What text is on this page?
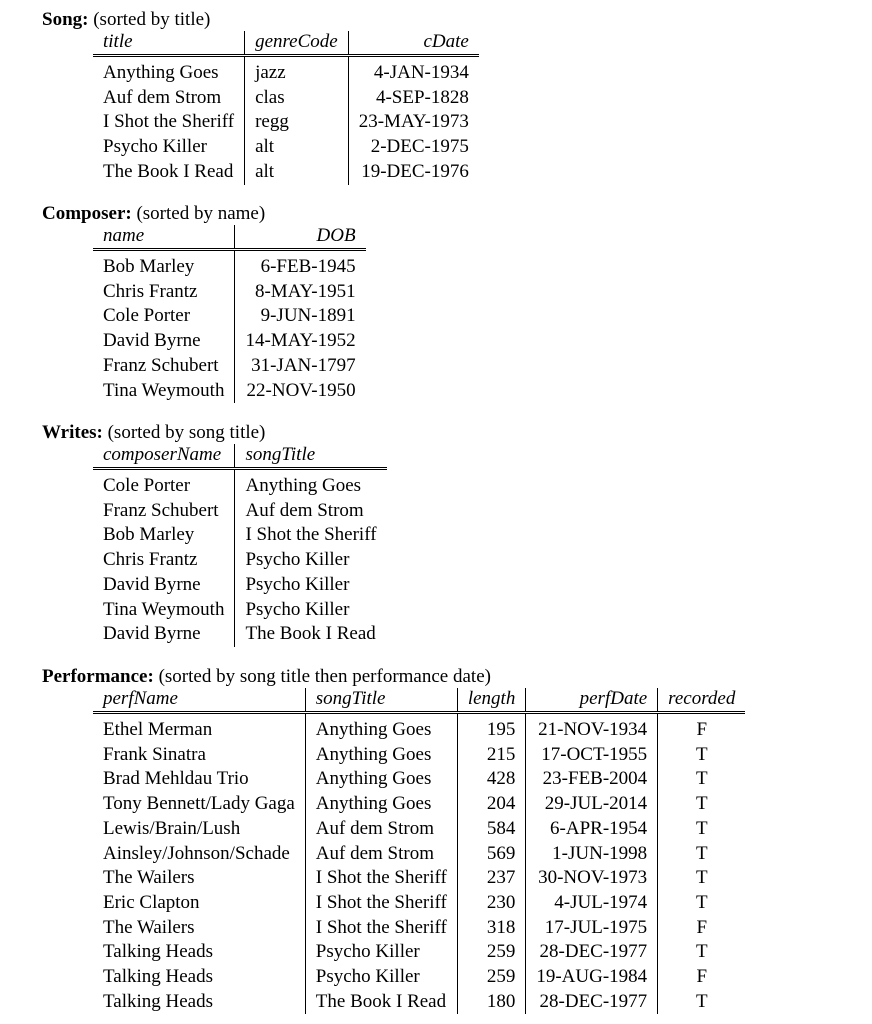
Song: (sorted by title)
title	genreCode	cDate
Anything Goes	jazz	4-JAN-1934
Auf dem Strom	clas	4-SEP-1828
I Shot the Sheriff	regg	23-MAY-1973
Psycho Killer	alt	2-DEC-1975
The Book I Read	alt	19-DEC-1976
Composer: (sorted by name)
name	DOB
Bob Marley	6-FEB-1945
Chris Frantz	8-MAY-1951
Cole Porter	9-JUN-1891
David Byrne	14-MAY-1952
Franz Schubert	31-JAN-1797
Tina Weymouth	22-NOV-1950
Writes: (sorted by song title)
composerName	songTitle
Cole Porter	Anything Goes
Franz Schubert	Auf dem Strom
Bob Marley	I Shot the Sheriff
Chris Frantz	Psycho Killer
David Byrne	Psycho Killer
Tina Weymouth	Psycho Killer
David Byrne	The Book I Read
Performance: (sorted by song title then performance date)
perfName	songTitle	length	perfDate	recorded
Ethel Merman	Anything Goes	195	21-NOV-1934	F
Frank Sinatra	Anything Goes	215	17-OCT-1955	T
Brad Mehldau Trio	Anything Goes	428	23-FEB-2004	T
Tony Bennett/Lady Gaga	Anything Goes	204	29-JUL-2014	T
Lewis/Brain/Lush	Auf dem Strom	584	6-APR-1954	T
Ainsley/Johnson/Schade	Auf dem Strom	569	1-JUN-1998	T
The Wailers	I Shot the Sheriff	237	30-NOV-1973	T
Eric Clapton	I Shot the Sheriff	230	4-JUL-1974	T
The Wailers	I Shot the Sheriff	318	17-JUL-1975	F
Talking Heads	Psycho Killer	259	28-DEC-1977	T
Talking Heads	Psycho Killer	259	19-AUG-1984	F
Talking Heads	The Book I Read	180	28-DEC-1977	T
